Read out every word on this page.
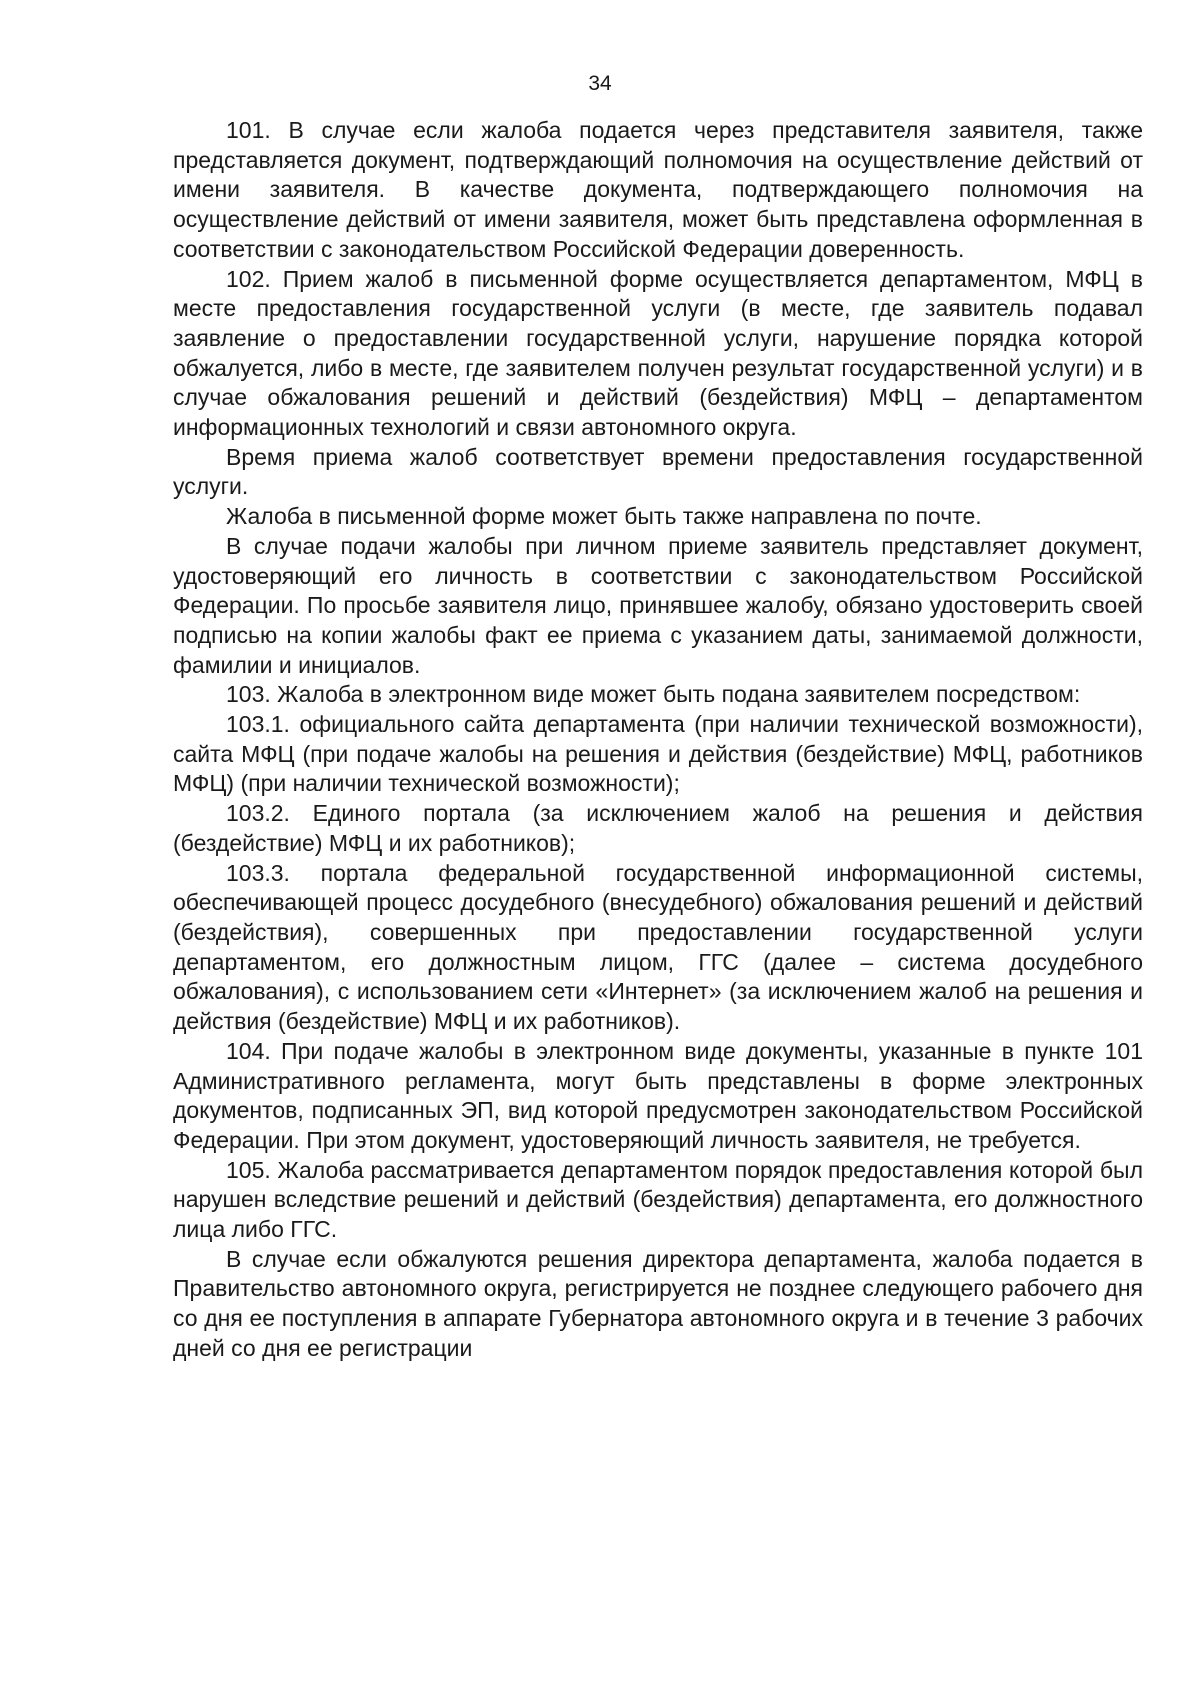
34

101. В случае если жалоба подается через представителя заявителя, также представляется документ, подтверждающий полномочия на осуществление действий от имени заявителя. В качестве документа, подтверждающего полномочия на осуществление действий от имени заявителя, может быть представлена оформленная в соответствии с законодательством Российской Федерации доверенность.

102. Прием жалоб в письменной форме осуществляется департаментом, МФЦ в месте предоставления государственной услуги (в месте, где заявитель подавал заявление о предоставлении государственной услуги, нарушение порядка которой обжалуется, либо в месте, где заявителем получен результат государственной услуги) и в случае обжалования решений и действий (бездействия) МФЦ – департаментом информационных технологий и связи автономного округа.

Время приема жалоб соответствует времени предоставления государственной услуги.

Жалоба в письменной форме может быть также направлена по почте.

В случае подачи жалобы при личном приеме заявитель представляет документ, удостоверяющий его личность в соответствии с законодательством Российской Федерации. По просьбе заявителя лицо, принявшее жалобу, обязано удостоверить своей подписью на копии жалобы факт ее приема с указанием даты, занимаемой должности, фамилии и инициалов.

103. Жалоба в электронном виде может быть подана заявителем посредством:

103.1. официального сайта департамента (при наличии технической возможности), сайта МФЦ (при подаче жалобы на решения и действия (бездействие) МФЦ, работников МФЦ) (при наличии технической возможности);

103.2. Единого портала (за исключением жалоб на решения и действия (бездействие) МФЦ и их работников);

103.3. портала федеральной государственной информационной системы, обеспечивающей процесс досудебного (внесудебного) обжалования решений и действий (бездействия), совершенных при предоставлении государственной услуги департаментом, его должностным лицом, ГГС (далее – система досудебного обжалования), с использованием сети «Интернет» (за исключением жалоб на решения и действия (бездействие) МФЦ и их работников).

104. При подаче жалобы в электронном виде документы, указанные в пункте 101 Административного регламента, могут быть представлены в форме электронных документов, подписанных ЭП, вид которой предусмотрен законодательством Российской Федерации. При этом документ, удостоверяющий личность заявителя, не требуется.

105. Жалоба рассматривается департаментом порядок предоставления которой был нарушен вследствие решений и действий (бездействия) департамента, его должностного лица либо ГГС.

В случае если обжалуются решения директора департамента, жалоба подается в Правительство автономного округа, регистрируется не позднее следующего рабочего дня со дня ее поступления в аппарате Губернатора автономного округа и в течение 3 рабочих дней со дня ее регистрации
